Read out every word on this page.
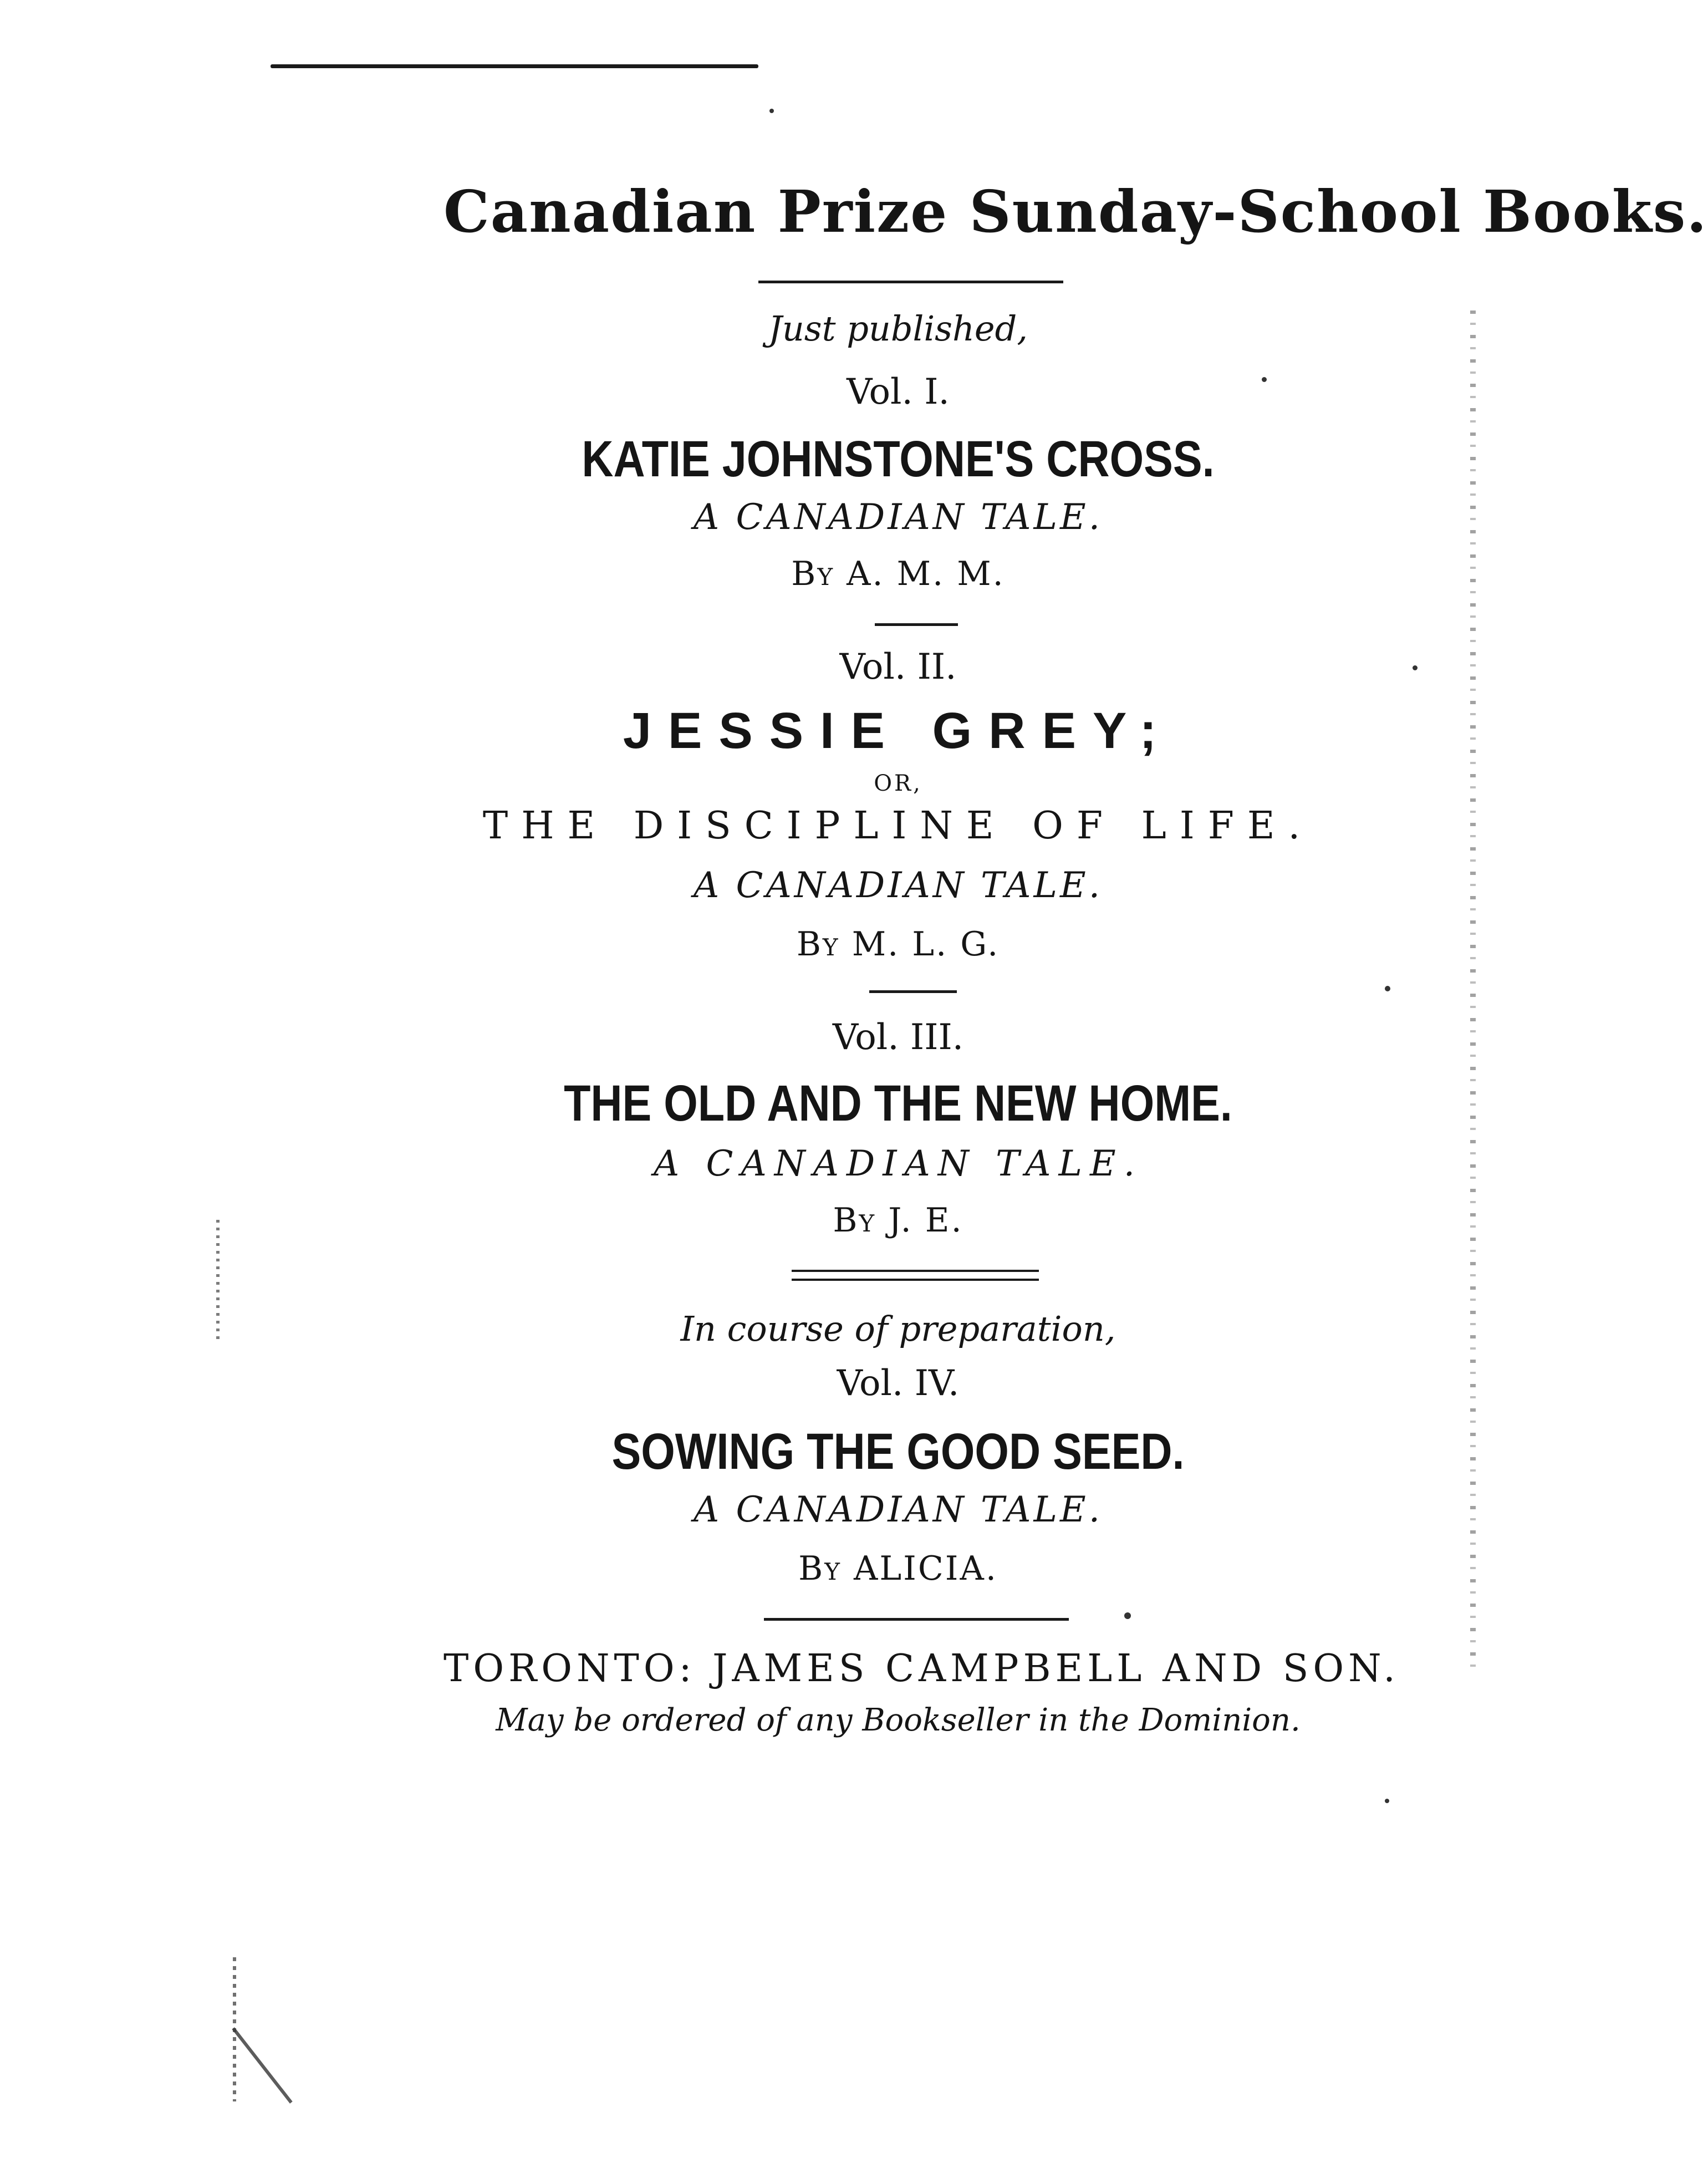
Canadian Prize Sunday-School Books.
Just published,
Vol. I.
KATIE JOHNSTONE'S CROSS.
A CANADIAN TALE.
By A. M. M.
Vol. II.
JESSIE GREY;
OR,
THE DISCIPLINE OF LIFE.
A CANADIAN TALE.
By M. L. G.
Vol. III.
THE OLD AND THE NEW HOME.
A CANADIAN TALE.
By J. E.
In course of preparation,
Vol. IV.
SOWING THE GOOD SEED.
A CANADIAN TALE.
By ALICIA.
TORONTO: JAMES CAMPBELL AND SON.
May be ordered of any Bookseller in the Dominion.
